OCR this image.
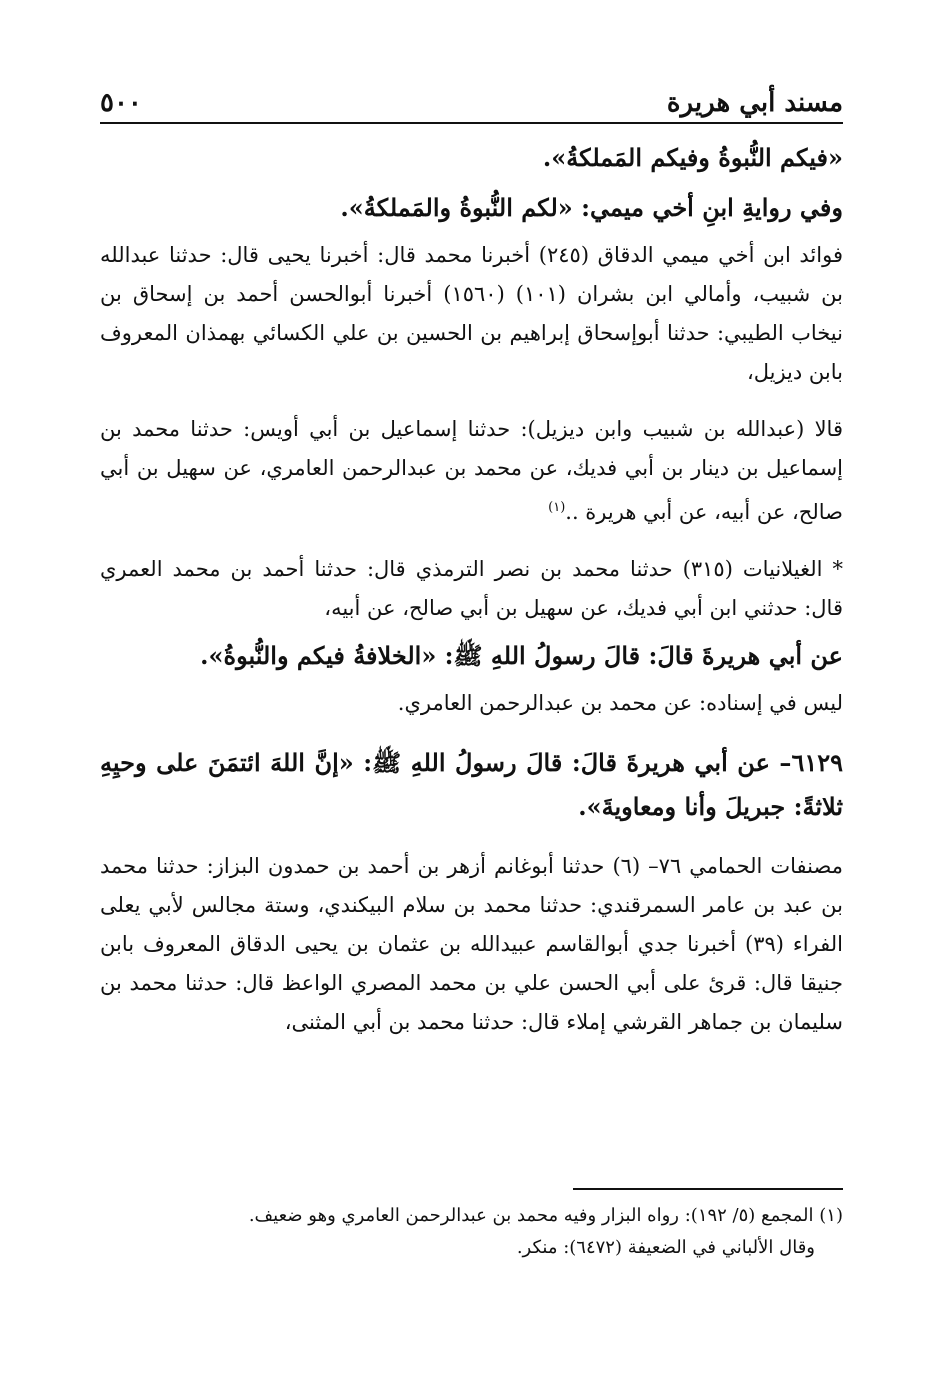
مسند أبي هريرة
٥٠٠

«فيكم النُّبوةُ وفيكم المَملكةُ».

وفي روايةِ ابنِ أخي ميمي: «لكم النُّبوةُ والمَملكةُ».

فوائد ابن أخي ميمي الدقاق (٢٤٥) أخبرنا محمد قال: أخبرنا يحيى قال: حدثنا عبدالله بن شبيب، وأمالي ابن بشران (١٠١) (١٥٦٠) أخبرنا أبوالحسن أحمد بن إسحاق بن نيخاب الطيبي: حدثنا أبوإسحاق إبراهيم بن الحسين بن علي الكسائي بهمذان المعروف بابن ديزيل،

قالا (عبدالله بن شبيب وابن ديزيل): حدثنا إسماعيل بن أبي أويس: حدثنا محمد بن إسماعيل بن دينار بن أبي فديك، عن محمد بن عبدالرحمن العامري، عن سهيل بن أبي صالح، عن أبيه، عن أبي هريرة ..$^{(١)}$

* الغيلانيات (٣١٥) حدثنا محمد بن نصر الترمذي قال: حدثنا أحمد بن محمد العمري قال: حدثني ابن أبي فديك، عن سهيل بن أبي صالح، عن أبيه،

عن أبي هريرةَ قالَ: قالَ رسولُ اللهِ ﷺ: «الخلافةُ فيكم والنُّبوةُ».

ليس في إسناده: عن محمد بن عبدالرحمن العامري.

٦١٢٩– عن أبي هريرةَ قالَ: قالَ رسولُ اللهِ ﷺ: «إنَّ اللهَ ائتمَنَ على وحيِهِ ثلاثةً: جبريلَ وأنا ومعاويةَ».

مصنفات الحمامي ٧٦– (٦) حدثنا أبوغانم أزهر بن أحمد بن حمدون البزاز: حدثنا محمد بن عبد بن عامر السمرقندي: حدثنا محمد بن سلام البيكندي، وستة مجالس لأبي يعلى الفراء (٣٩) أخبرنا جدي أبوالقاسم عبيدالله بن عثمان بن يحيى الدقاق المعروف بابن جنيقا قال: قرئ على أبي الحسن علي بن محمد المصري الواعظ قال: حدثنا محمد بن سليمان بن جماهر القرشي إملاء قال: حدثنا محمد بن أبي المثنى،

(١) المجمع (٥/ ١٩٢): رواه البزار وفيه محمد بن عبدالرحمن العامري وهو ضعيف.

وقال الألباني في الضعيفة (٦٤٧٢): منكر.
